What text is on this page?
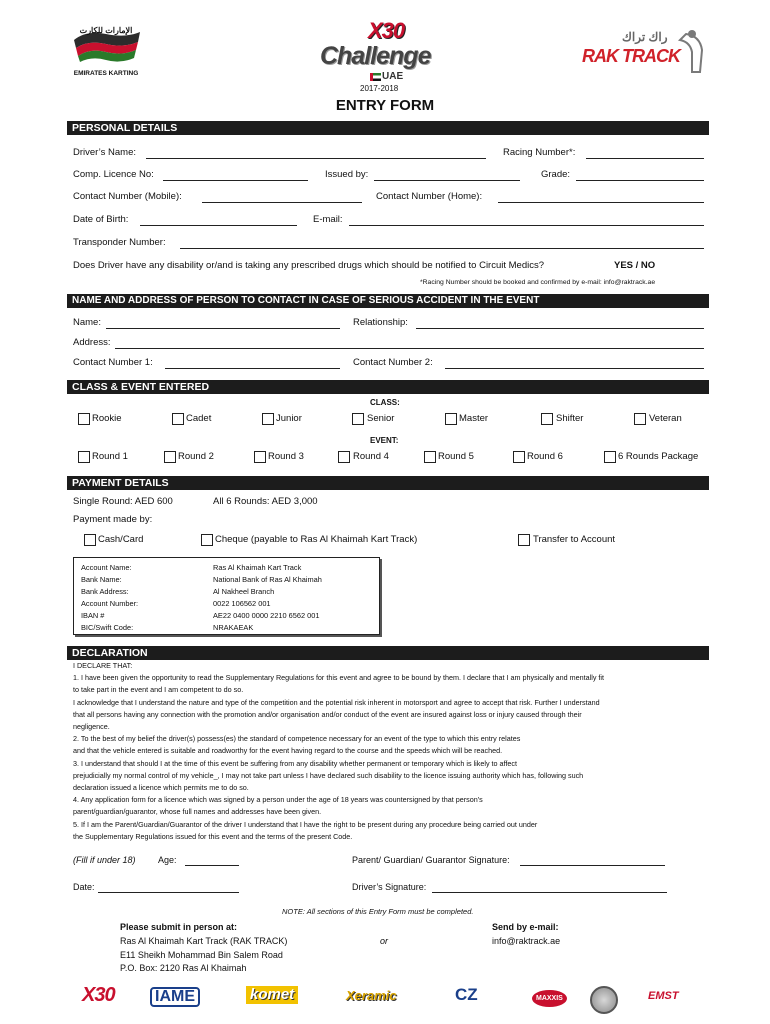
الإمارات للكارت
EMIRATES KARTING
X30
Challenge
UAE
2017-2018
راك تراك
RAK TRACK
ENTRY FORM
PERSONAL DETAILS
Driver’s Name:	Racing Number*:
Comp. Licence No:	Issued by:	Grade:
Contact Number (Mobile):	Contact Number (Home):
Date of Birth:	E-mail:
Transponder Number:
Does Driver have any disability or/and is taking any prescribed drugs which should be notified to Circuit Medics?	YES / NO
*Racing Number should be booked and confirmed by e-mail: info@raktrack.ae
NAME AND ADDRESS OF PERSON TO CONTACT IN CASE OF SERIOUS ACCIDENT IN THE EVENT
Name:	Relationship:
Address:
Contact Number 1:	Contact Number 2:
CLASS & EVENT ENTERED
CLASS:
Rookie	Cadet	Junior	Senior	Master	Shifter	Veteran
EVENT:
Round 1	Round 2	Round 3	Round 4	Round 5	Round 6	6 Rounds Package
PAYMENT DETAILS
Single Round: AED 600	All 6 Rounds: AED 3,000
Payment made by:
Cash/Card	Cheque (payable to Ras Al Khaimah Kart Track)	Transfer to Account
Account Name:	Ras Al Khaimah Kart Track
Bank Name:	National Bank of Ras Al Khaimah
Bank Address:	Al Nakheel Branch
Account Number:	0022 106562 001
IBAN #	AE22 0400 0000 2210 6562 001
BIC/Swift Code:	NRAKAEAK
DECLARATION

I DECLARE THAT:

1. I have been given the opportunity to read the Supplementary Regulations for this event and agree to be bound by them. I declare that I am physically and mentally fit

to take part in the event and I am competent to do so.

I acknowledge that I understand the nature and type of the competition and the potential risk inherent in motorsport and agree to accept that risk. Further I understand

that all persons having any connection with the promotion and/or organisation and/or conduct of the event are insured against loss or injury caused through their

negligence.

2. To the best of my belief the driver(s) possess(es) the standard of competence necessary for an event of the type to which this entry relates

and that the vehicle entered is suitable and roadworthy for the event having regard to the course and the speeds which will be reached.

3. I understand that should I at the time of this event be suffering from any disability whether permanent or temporary which is likely to affect

prejudicially my normal control of my vehicle_, I may not take part unless I have declared such disability to the licence issuing authority which has, following such

declaration issued a licence which permits me to do so.

4. Any application form for a licence which was signed by a person under the age of 18 years was countersigned by that person's

parent/guardian/guarantor, whose full names and addresses have been given.

5. If I am the Parent/Guardian/Guarantor of the driver I understand that I have the right to be present during any procedure being carried out under

the Supplementary Regulations issued for this event and the terms of the present Code.

(Fill if under 18) Age:	Parent/ Guardian/ Guarantor Signature:
Date:	Driver’s Signature:
NOTE: All sections of this Entry Form must be completed.
Please submit in person at:
Ras Al Khaimah Kart Track (RAK TRACK)
E11 Sheikh Mohammad Bin Salem Road
P.O. Box: 2120 Ras Al Khaimah
or
Send by e-mail:
info@raktrack.ae
X30	IAME	komet	Xeramic	CZ	MAXXIS	EMST
